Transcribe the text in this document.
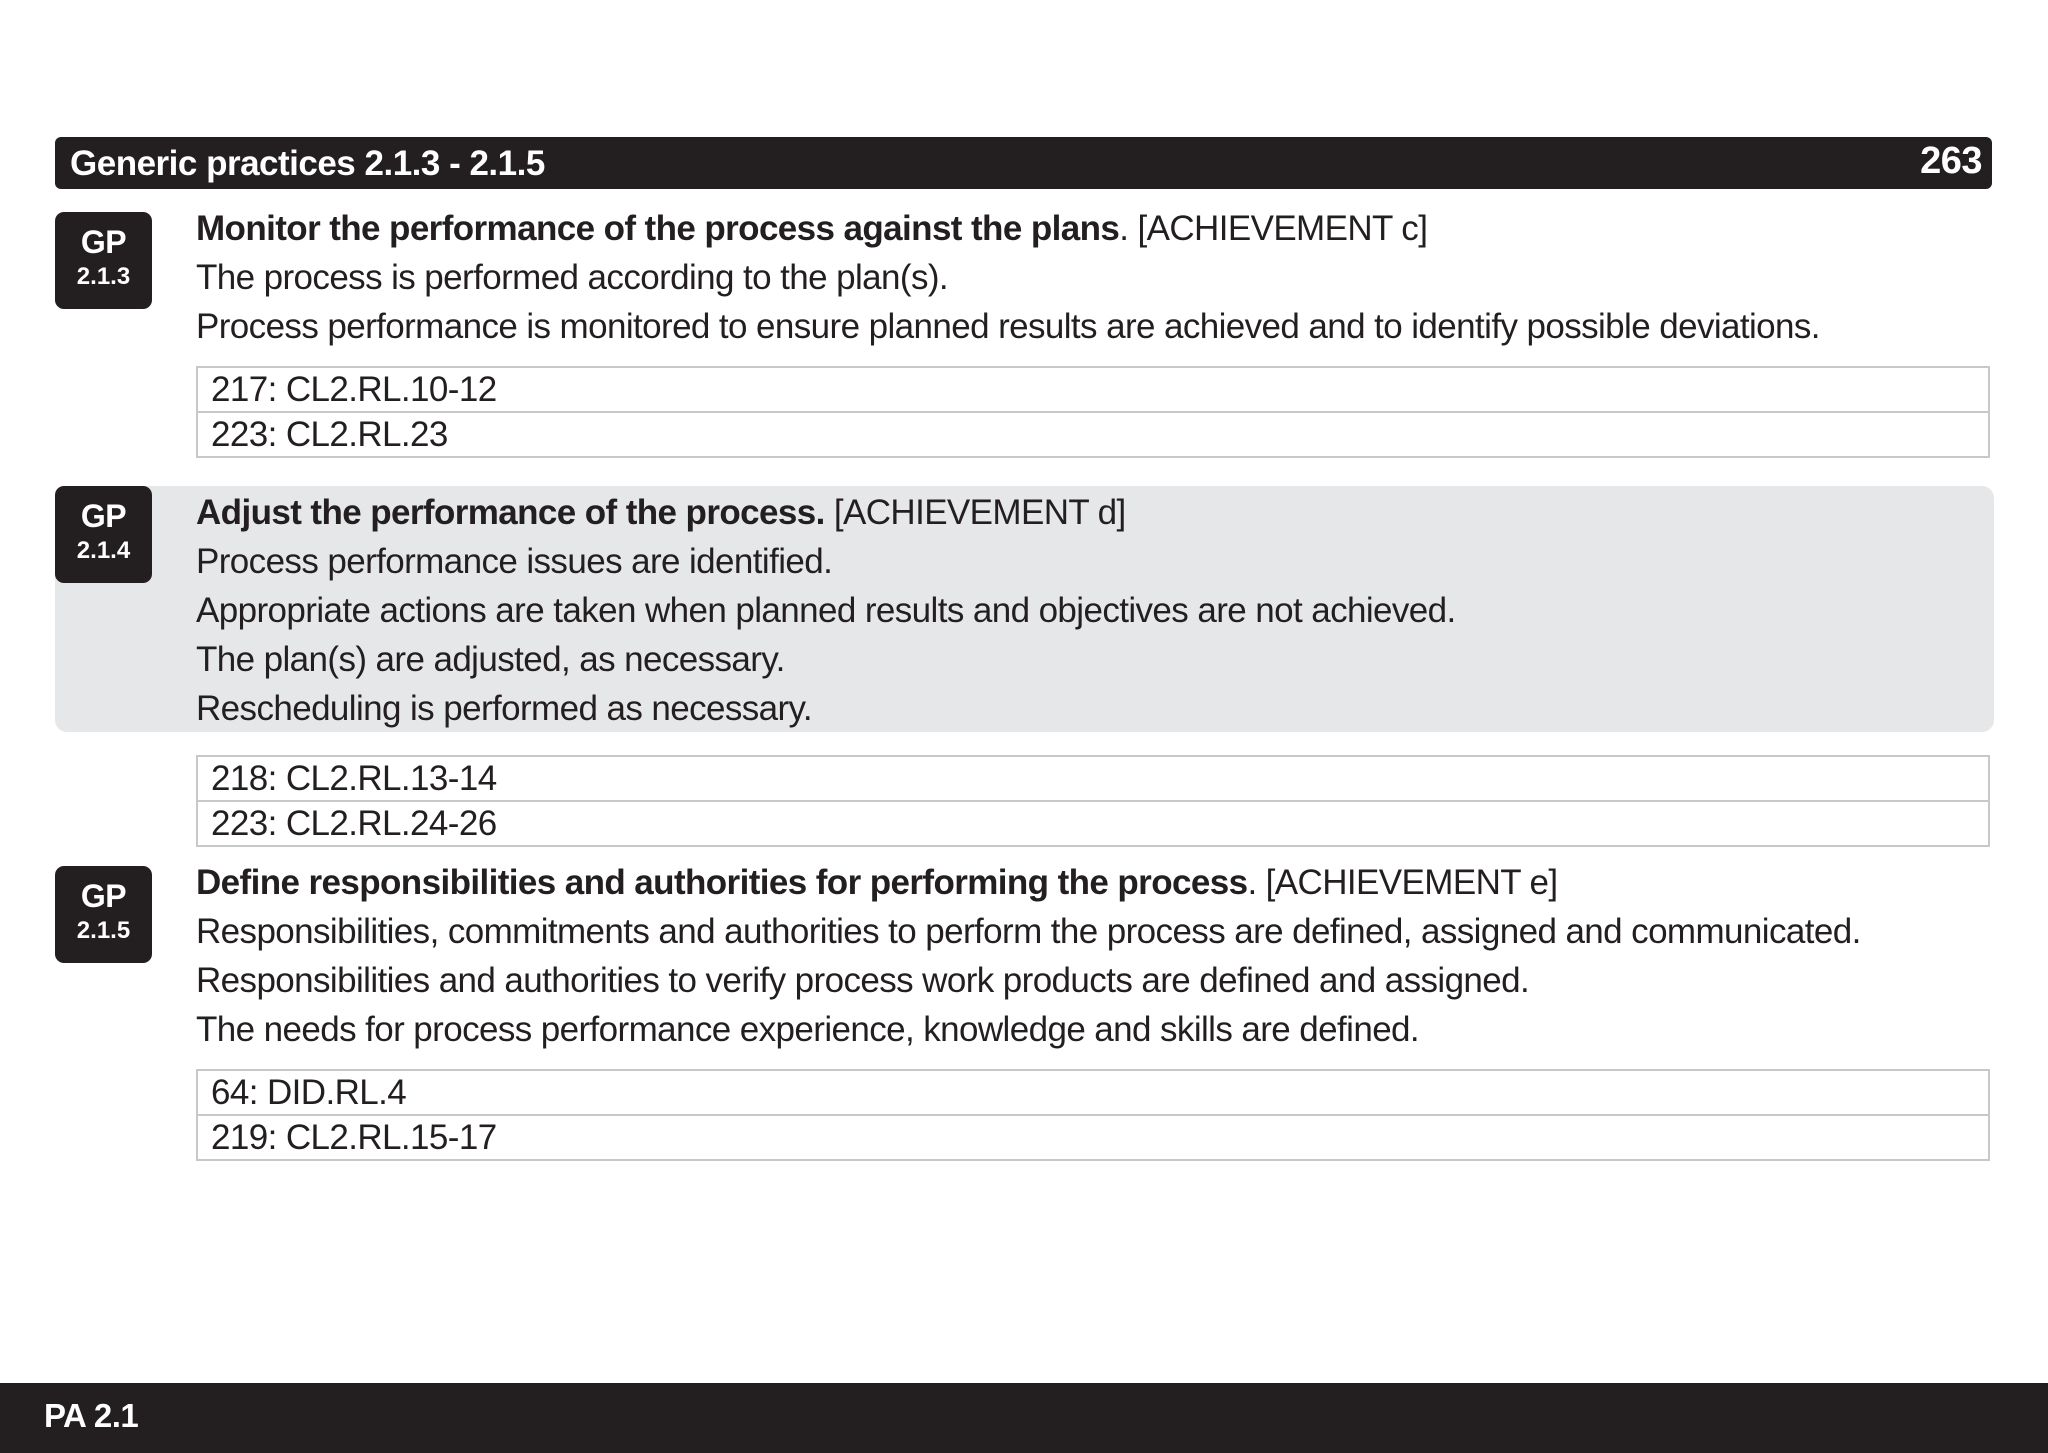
Generic practices 2.1.3 - 2.1.5	263
GP
2.1.3
Monitor the performance of the process against the plans. [ACHIEVEMENT c]
The process is performed according to the plan(s).
Process performance is monitored to ensure planned results are achieved and to identify possible deviations.
217: CL2.RL.10-12
223: CL2.RL.23
GP
2.1.4
Adjust the performance of the process. [ACHIEVEMENT d]
Process performance issues are identified.
Appropriate actions are taken when planned results and objectives are not achieved.
The plan(s) are adjusted, as necessary.
Rescheduling is performed as necessary.
218: CL2.RL.13-14
223: CL2.RL.24-26
GP
2.1.5
Define responsibilities and authorities for performing the process. [ACHIEVEMENT e]
Responsibilities, commitments and authorities to perform the process are defined, assigned and communicated.
Responsibilities and authorities to verify process work products are defined and assigned.
The needs for process performance experience, knowledge and skills are defined.
64: DID.RL.4
219: CL2.RL.15-17
PA 2.1
